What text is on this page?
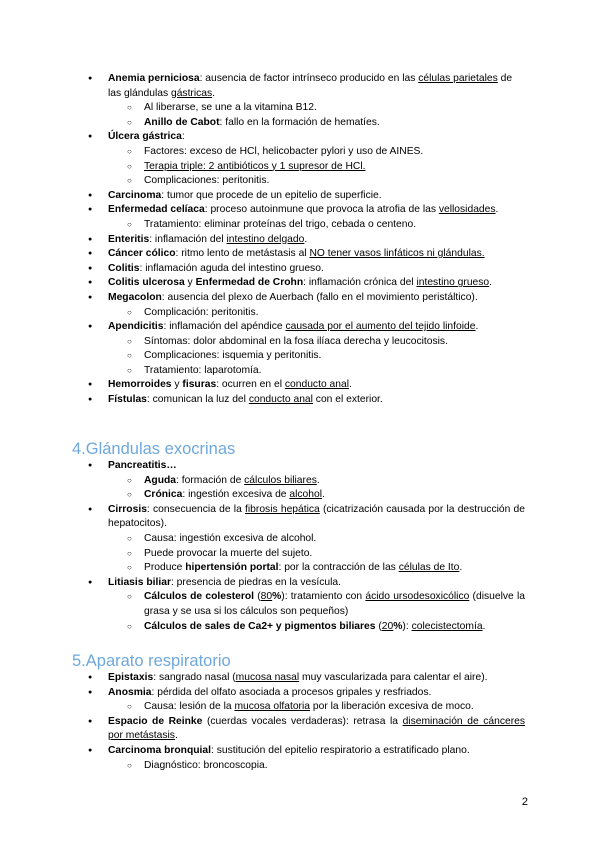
● Anemia perniciosa: ausencia de factor intrínseco producido en las células parietales de las glándulas gástricas.
○ Al liberarse, se une a la vitamina B12.
○ Anillo de Cabot: fallo en la formación de hematíes.
● Úlcera gástrica:
○ Factores: exceso de HCl, helicobacter pylori y uso de AINES.
○ Terapia triple: 2 antibióticos y 1 supresor de HCl.
○ Complicaciones: peritonitis.
● Carcinoma: tumor que procede de un epitelio de superficie.
● Enfermedad celíaca: proceso autoinmune que provoca la atrofia de las vellosidades.
○ Tratamiento: eliminar proteínas del trigo, cebada o centeno.
● Enteritis: inflamación del intestino delgado.
● Cáncer cólico: ritmo lento de metástasis al NO tener vasos linfáticos ni glándulas.
● Colitis: inflamación aguda del intestino grueso.
● Colitis ulcerosa y Enfermedad de Crohn: inflamación crónica del intestino grueso.
● Megacolon: ausencia del plexo de Auerbach (fallo en el movimiento peristáltico).
○ Complicación: peritonitis.
● Apendicitis: inflamación del apéndice causada por el aumento del tejido linfoide.
○ Síntomas: dolor abdominal en la fosa ilíaca derecha y leucocitosis.
○ Complicaciones: isquemia y peritonitis.
○ Tratamiento: laparotomía.
● Hemorroides y fisuras: ocurren en el conducto anal.
● Fístulas: comunican la luz del conducto anal con el exterior.
4.Glándulas exocrinas
● Pancreatitis…
○ Aguda: formación de cálculos biliares.
○ Crónica: ingestión excesiva de alcohol.
● Cirrosis: consecuencia de la fibrosis hepática (cicatrización causada por la destrucción de hepatocitos).
○ Causa: ingestión excesiva de alcohol.
○ Puede provocar la muerte del sujeto.
○ Produce hipertensión portal: por la contracción de las células de Ito.
● Litiasis biliar: presencia de piedras en la vesícula.
○ Cálculos de colesterol (80%): tratamiento con ácido ursodesoxicólico (disuelve la grasa y se usa si los cálculos son pequeños)
○ Cálculos de sales de Ca2+ y pigmentos biliares (20%): colecistectomía.
5.Aparato respiratorio
● Epistaxis: sangrado nasal (mucosa nasal muy vascularizada para calentar el aire).
● Anosmia: pérdida del olfato asociada a procesos gripales y resfriados.
○ Causa: lesión de la mucosa olfatoria por la liberación excesiva de moco.
● Espacio de Reinke (cuerdas vocales verdaderas): retrasa la diseminación de cánceres por metástasis.
● Carcinoma bronquial: sustitución del epitelio respiratorio a estratificado plano.
○ Diagnóstico: broncoscopia.
2
